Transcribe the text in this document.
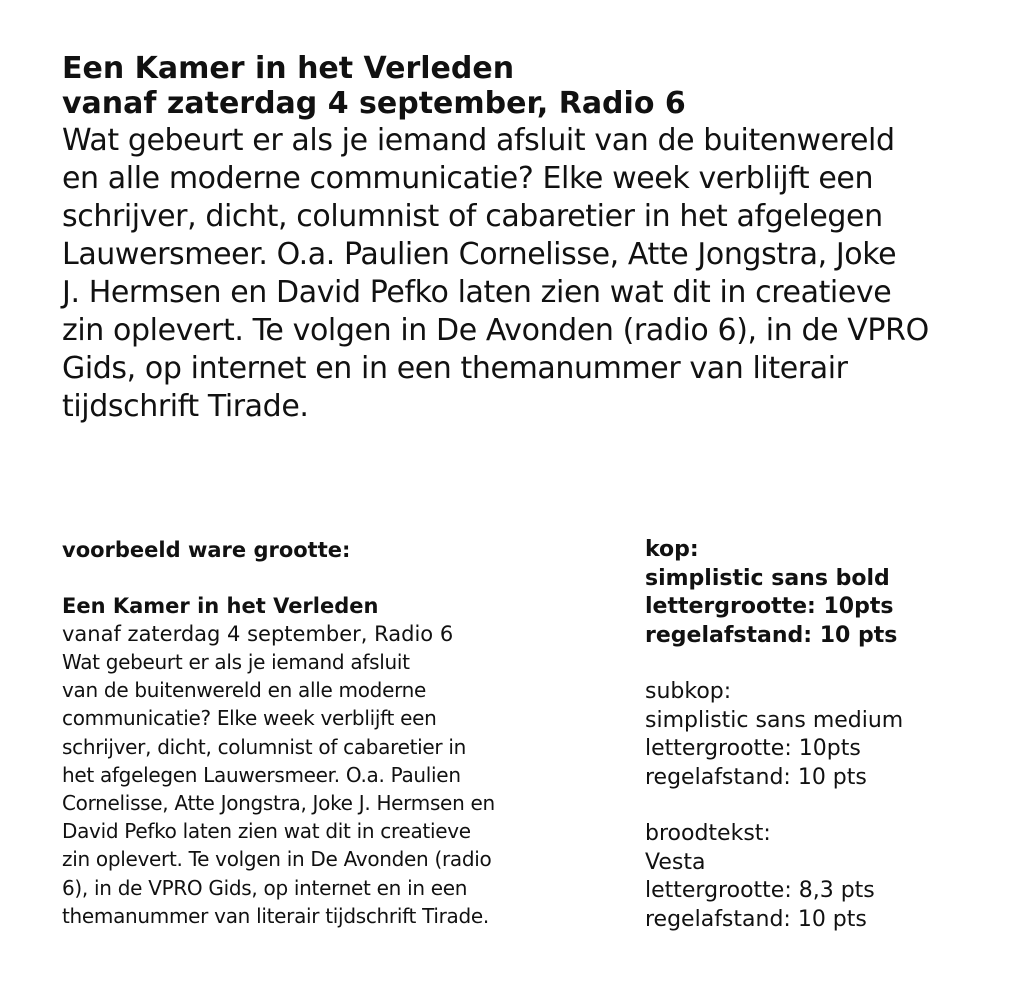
Een Kamer in het Verleden

vanaf zaterdag 4 september, Radio 6

Wat gebeurt er als je iemand afsluit van de buitenwereld
en alle moderne communicatie? Elke week verblijft een
schrijver, dicht, columnist of cabaretier in het afgelegen
Lauwersmeer. O.a. Paulien Cornelisse, Atte Jongstra, Joke
J. Hermsen en David Pefko laten zien wat dit in creatieve
zin oplevert. Te volgen in De Avonden (radio 6), in de VPRO
Gids, op internet en in een themanummer van literair
tijdschrift Tirade.

voorbeeld ware grootte:

Een Kamer in het Verleden

vanaf zaterdag 4 september, Radio 6

Wat gebeurt er als je iemand afsluit
van de buitenwereld en alle moderne
communicatie? Elke week verblijft een
schrijver, dicht, columnist of cabaretier in
het afgelegen Lauwersmeer. O.a. Paulien
Cornelisse, Atte Jongstra, Joke J. Hermsen en
David Pefko laten zien wat dit in creatieve
zin oplevert. Te volgen in De Avonden (radio
6), in de VPRO Gids, op internet en in een
themanummer van literair tijdschrift Tirade.

kop:
simplistic sans bold
lettergrootte: 10pts
regelafstand: 10 pts
subkop:
simplistic sans medium
lettergrootte: 10pts
regelafstand: 10 pts
broodtekst:
Vesta
lettergrootte: 8,3 pts
regelafstand: 10 pts
